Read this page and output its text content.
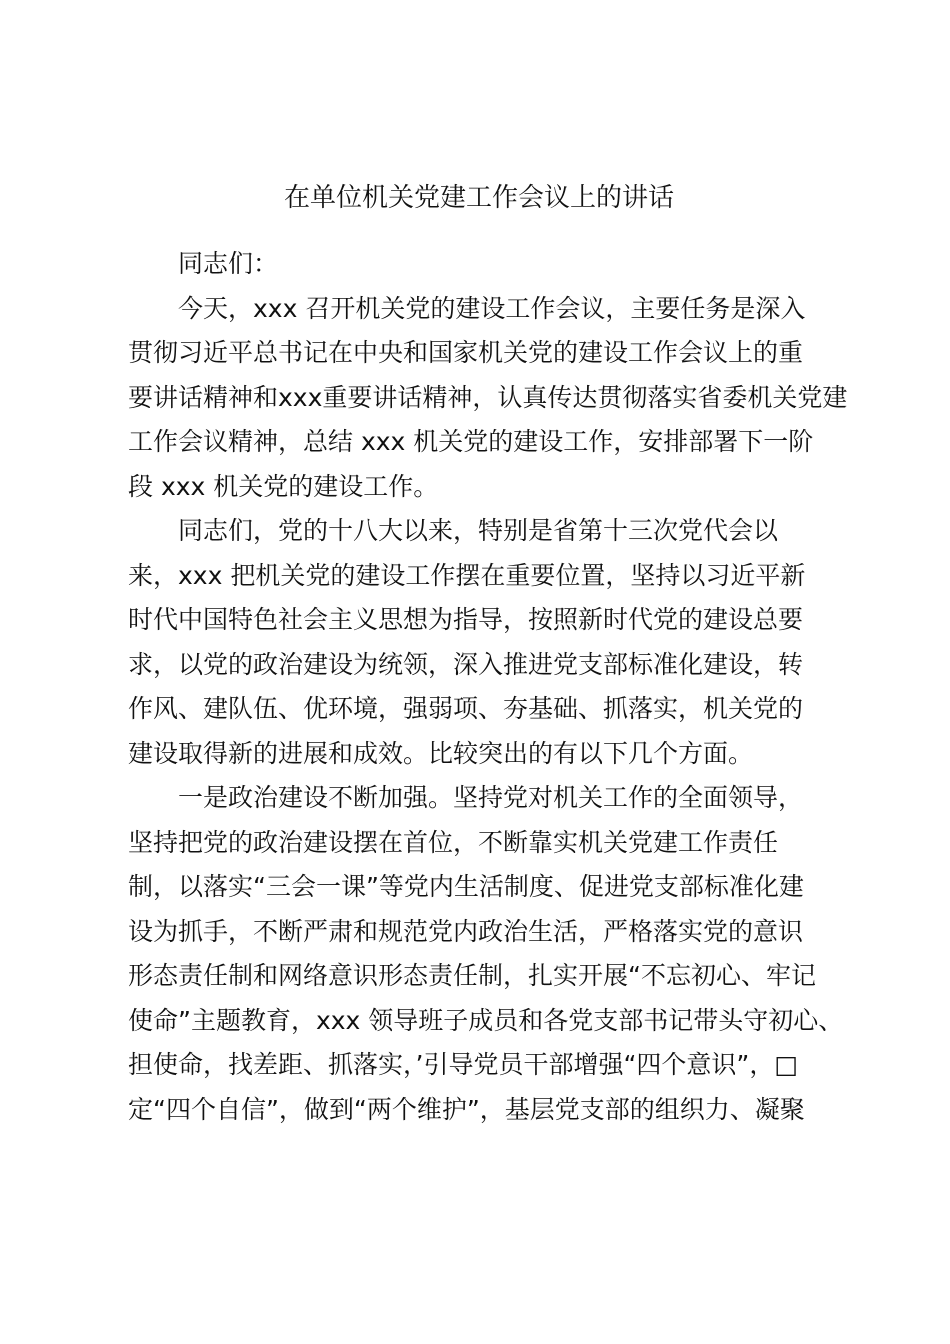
在单位机关党建工作会议上的讲话

同志们：

今天，xxx 召开机关党的建设工作会议，主要任务是深入
贯彻习近平总书记在中央和国家机关党的建设工作会议上的重
要讲话精神和xxx重要讲话精神，认真传达贯彻落实省委机关党建
工作会议精神，总结 xxx 机关党的建设工作，安排部署下一阶
段 xxx 机关党的建设工作。

同志们，党的十八大以来，特别是省第十三次党代会以
来，xxx 把机关党的建设工作摆在重要位置，坚持以习近平新
时代中国特色社会主义思想为指导，按照新时代党的建设总要
求，以党的政治建设为统领，深入推进党支部标准化建设，转
作风、建队伍、优环境，强弱项、夯基础、抓落实，机关党的
建设取得新的进展和成效。比较突出的有以下几个方面。

一是政治建设不断加强。坚持党对机关工作的全面领导，
坚持把党的政治建设摆在首位，不断靠实机关党建工作责任
制，以落实“三会一课”等党内生活制度、促进党支部标准化建
设为抓手，不断严肃和规范党内政治生活，严格落实党的意识
形态责任制和网络意识形态责任制，扎实开展“不忘初心、牢记
使命”主题教育，xxx 领导班子成员和各党支部书记带头守初心、
担使命，找差距、抓落实，’引导党员干部增强“四个意识”，□
定“四个自信”，做到“两个维护”，基层党支部的组织力、凝聚
